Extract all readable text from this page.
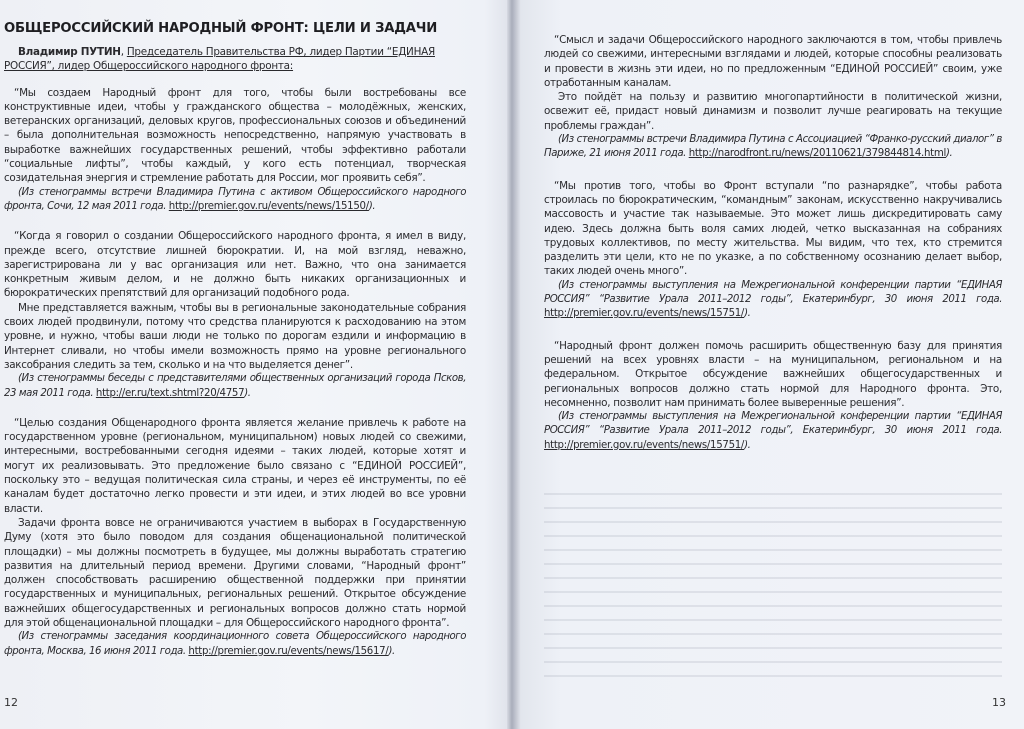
ОБЩЕРОССИЙСКИЙ НАРОДНЫЙ ФРОНТ: ЦЕЛИ И ЗАДАЧИ
Владимир ПУТИН, Председатель Правительства РФ, лидер Партии “ЕДИНАЯ РОССИЯ”, лидер Общероссийского народного фронта:

“Мы создаем Народный фронт для того, чтобы были востребованы все конструктивные идеи, чтобы у гражданского общества – молодёжных, женских, ветеранских организаций, деловых кругов, профессиональных союзов и объединений – была дополнительная возможность непосредственно, напрямую участвовать в выработке важнейших государственных решений, чтобы эффективно работали “социальные лифты”, чтобы каждый, у кого есть потенциал, творческая созидательная энергия и стремление работать для России, мог проявить себя”.

(Из стенограммы встречи Владимира Путина с активом Общероссийского народного фронта, Сочи, 12 мая 2011 года. http://premier.gov.ru/events/news/15150/).

“Когда я говорил о создании Общероссийского народного фронта, я имел в виду, прежде всего, отсутствие лишней бюрократии. И, на мой взгляд, неважно, зарегистрирована ли у вас организация или нет. Важно, что она занимается конкретным живым делом, и не должно быть никаких организационных и бюрократических препятствий для организаций подобного рода.

Мне представляется важным, чтобы вы в региональные законодательные собрания своих людей продвинули, потому что средства планируются к расходованию на этом уровне, и нужно, чтобы ваши люди не только по дорогам ездили и информацию в Интернет сливали, но чтобы имели возможность прямо на уровне регионального заксобрания следить за тем, сколько и на что выделяется денег”.

(Из стенограммы беседы с представителями общественных организаций города Псков, 23 мая 2011 года. http://er.ru/text.shtml?20/4757).

“Целью создания Общенародного фронта является желание привлечь к работе на государственном уровне (региональном, муниципальном) новых людей со свежими, интересными, востребованными сегодня идеями – таких людей, которые хотят и могут их реализовывать. Это предложение было связано с “ЕДИНОЙ РОССИЕЙ”, поскольку это – ведущая политическая сила страны, и через её инструменты, по её каналам будет достаточно легко провести и эти идеи, и этих людей во все уровни власти.

Задачи фронта вовсе не ограничиваются участием в выборах в Государственную Думу (хотя это было поводом для создания общенациональной политической площадки) – мы должны посмотреть в будущее, мы должны выработать стратегию развития на длительный период времени. Другими словами, “Народный фронт” должен способствовать расширению общественной поддержки при принятии государственных и муниципальных, региональных решений. Открытое обсуждение важнейших общегосударственных и региональных вопросов должно стать нормой для этой общенациональной площадки – для Общероссийского народного фронта”.

(Из стенограммы заседания координационного совета Общероссийского народного фронта, Москва, 16 июня 2011 года. http://premier.gov.ru/events/news/15617/).

12

“Смысл и задачи Общероссийского народного заключаются в том, чтобы привлечь людей со свежими, интересными взглядами и людей, которые способны реализовать и провести в жизнь эти идеи, но по предложенным “ЕДИНОЙ РОССИЕЙ” своим, уже отработанным каналам.

Это пойдёт на пользу и развитию многопартийности в политической жизни, освежит её, придаст новый динамизм и позволит лучше реагировать на текущие проблемы граждан”.

(Из стенограммы встречи Владимира Путина с Ассоциацией “Франко-русский диалог” в Париже, 21 июня 2011 года. http://narodfront.ru/news/20110621/379844814.html).

“Мы против того, чтобы во Фронт вступали “по разнарядке”, чтобы работа строилась по бюрократическим, “командным” законам, искусственно накручивались массовость и участие так называемые. Это может лишь дискредитировать саму идею. Здесь должна быть воля самих людей, четко высказанная на собраниях трудовых коллективов, по месту жительства. Мы видим, что тех, кто стремится разделить эти цели, кто не по указке, а по собственному осознанию делает выбор, таких людей очень много”.

(Из стенограммы выступления на Межрегиональной конференции партии “ЕДИНАЯ РОССИЯ” “Развитие Урала 2011–2012 годы”, Екатеринбург, 30 июня 2011 года. http://premier.gov.ru/events/news/15751/).

“Народный фронт должен помочь расширить общественную базу для принятия решений на всех уровнях власти – на муниципальном, региональном и на федеральном. Открытое обсуждение важнейших общегосударственных и региональных вопросов должно стать нормой для Народного фронта. Это, несомненно, позволит нам принимать более выверенные решения”.

(Из стенограммы выступления на Межрегиональной конференции партии “ЕДИНАЯ РОССИЯ” “Развитие Урала 2011–2012 годы”, Екатеринбург, 30 июня 2011 года. http://premier.gov.ru/events/news/15751/).

13
